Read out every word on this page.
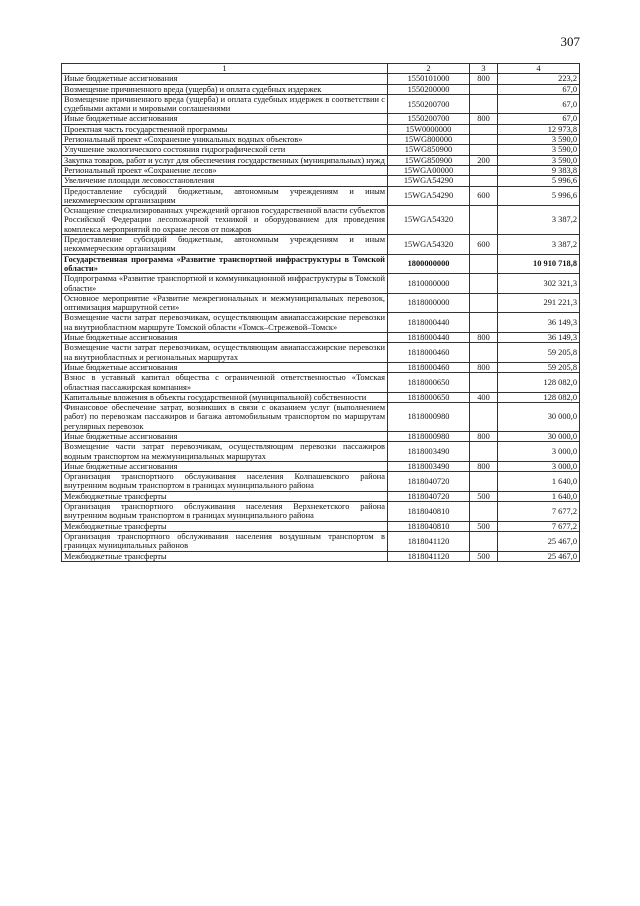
307
1	2	3	4
Иные бюджетные ассигнования	1550101000	800	223,2
Возмещение причиненного вреда (ущерба) и оплата судебных издержек	1550200000		67,0
Возмещение причиненного вреда (ущерба) и оплата судебных издержек в соответствии с судебными актами и мировыми соглашениями	1550200700		67,0
Иные бюджетные ассигнования	1550200700	800	67,0
Проектная часть государственной программы	15W0000000		12 973,8
Региональный проект «Сохранение уникальных водных объектов»	15WG800000		3 590,0
Улучшение экологического состояния гидрографической сети	15WG850900		3 590,0
Закупка товаров, работ и услуг для обеспечения государственных (муниципальных) нужд	15WG850900	200	3 590,0
Региональный проект «Сохранение лесов»	15WGA00000		9 383,8
Увеличение площади лесовосстановления	15WGA54290		5 996,6
Предоставление субсидий бюджетным, автономным учреждениям и иным некоммерческим организациям	15WGA54290	600	5 996,6
Оснащение специализированных учреждений органов государственной власти субъектов Российской Федерации лесопожарной техникой и оборудованием для проведения комплекса мероприятий по охране лесов от пожаров	15WGA54320		3 387,2
Предоставление субсидий бюджетным, автономным учреждениям и иным некоммерческим организациям	15WGA54320	600	3 387,2
Государственная программа «Развитие транспортной инфраструктуры в Томской области»	1800000000		10 910 718,8
Подпрограмма «Развитие транспортной и коммуникационной инфраструктуры в Томской области»	1810000000		302 321,3
Основное мероприятие «Развитие межрегиональных и межмуниципальных перевозок, оптимизация маршрутной сети»	1818000000		291 221,3
Возмещение части затрат перевозчикам, осуществляющим авиапассажирские перевозки на внутриобластном маршруте Томской области «Томск–Стрежевой–Томск»	1818000440		36 149,3
Иные бюджетные ассигнования	1818000440	800	36 149,3
Возмещение части затрат перевозчикам, осуществляющим авиапассажирские перевозки на внутриобластных и региональных маршрутах	1818000460		59 205,8
Иные бюджетные ассигнования	1818000460	800	59 205,8
Взнос в уставный капитал общества с ограниченной ответственностью «Томская областная пассажирская компания»	1818000650		128 082,0
Капитальные вложения в объекты государственной (муниципальной) собственности	1818000650	400	128 082,0
Финансовое обеспечение затрат, возникших в связи с оказанием услуг (выполнением работ) по перевозкам пассажиров и багажа автомобильным транспортом по маршрутам регулярных перевозок	1818000980		30 000,0
Иные бюджетные ассигнования	1818000980	800	30 000,0
Возмещение части затрат перевозчикам, осуществляющим перевозки пассажиров водным транспортом на межмуниципальных маршрутах	1818003490		3 000,0
Иные бюджетные ассигнования	1818003490	800	3 000,0
Организация транспортного обслуживания населения Колпашевского района внутренним водным транспортом в границах муниципального района	1818040720		1 640,0
Межбюджетные трансферты	1818040720	500	1 640,0
Организация транспортного обслуживания населения Верхнекетского района внутренним водным транспортом в границах муниципального района	1818040810		7 677,2
Межбюджетные трансферты	1818040810	500	7 677,2
Организация транспортного обслуживания населения воздушным транспортом в границах муниципальных районов	1818041120		25 467,0
Межбюджетные трансферты	1818041120	500	25 467,0
